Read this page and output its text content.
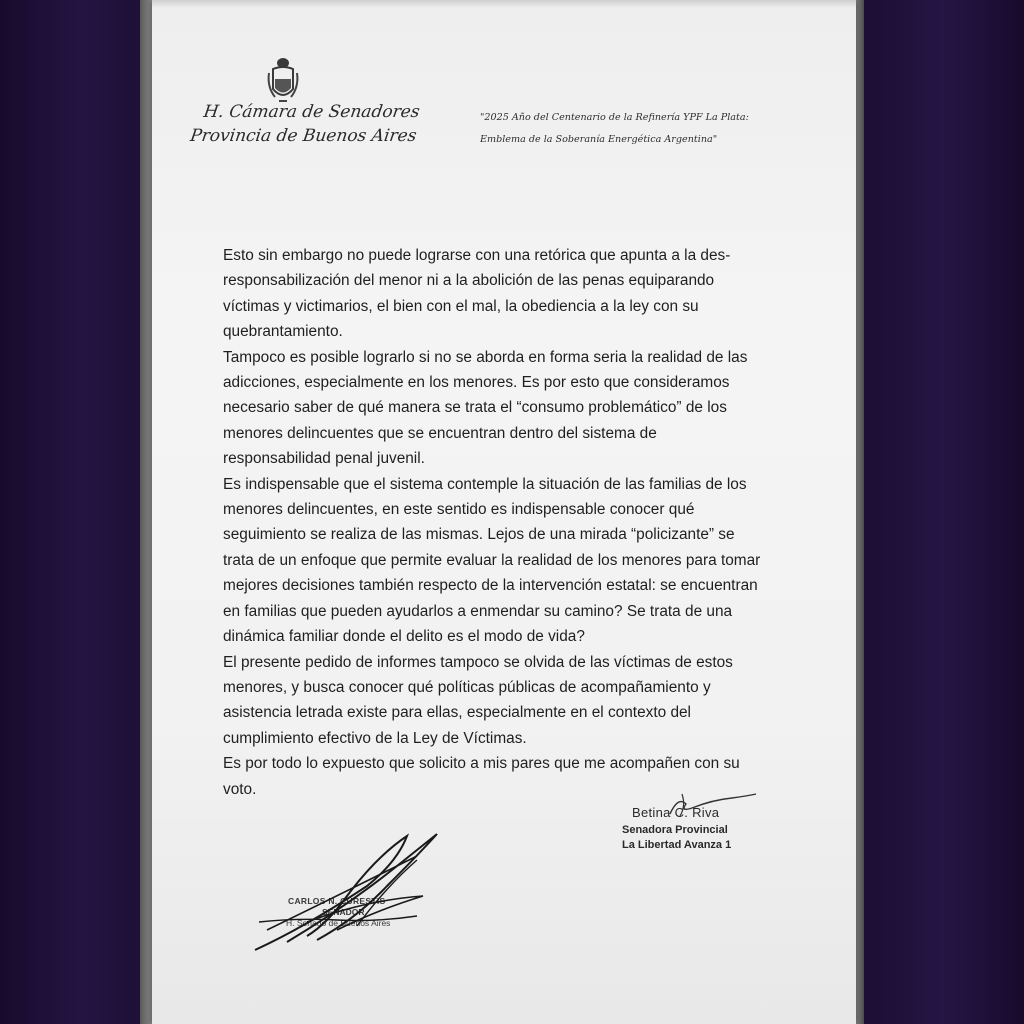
H. Cámara de Senadores
Provincia de Buenos Aires
"2025 Año del Centenario de la Refinería YPF La Plata:
Emblema de la Soberanía Energética Argentina"

Esto sin embargo no puede lograrse con una retórica que apunta a la des-

responsabilización del menor ni a la abolición de las penas equiparando

víctimas y victimarios, el bien con el mal, la obediencia a la ley con su

quebrantamiento.

Tampoco es posible lograrlo si no se aborda en forma seria la realidad de las

adicciones, especialmente en los menores. Es por esto que consideramos

necesario saber de qué manera se trata el “consumo problemático” de los

menores delincuentes que se encuentran dentro del sistema de

responsabilidad penal juvenil.

Es indispensable que el sistema contemple la situación de las familias de los

menores delincuentes, en este sentido es indispensable conocer qué

seguimiento se realiza de las mismas. Lejos de una mirada “policizante” se

trata de un enfoque que permite evaluar la realidad de los menores para tomar

mejores decisiones también respecto de la intervención estatal: se encuentran

en familias que pueden ayudarlos a enmendar su camino? Se trata de una

dinámica familiar donde el delito es el modo de vida?

El presente pedido de informes tampoco se olvida de las víctimas de estos

menores, y busca conocer qué políticas públicas de acompañamiento y

asistencia letrada existe para ellas, especialmente en el contexto del

cumplimiento efectivo de la Ley de Víctimas.

Es por todo lo expuesto que solicito a mis pares que me acompañen con su

voto.

Betina C. Riva
Senadora Provincial
La Libertad Avanza 1
CARLOS N. CURESTIS
SENADOR
H. Senado de Buenos Aires
